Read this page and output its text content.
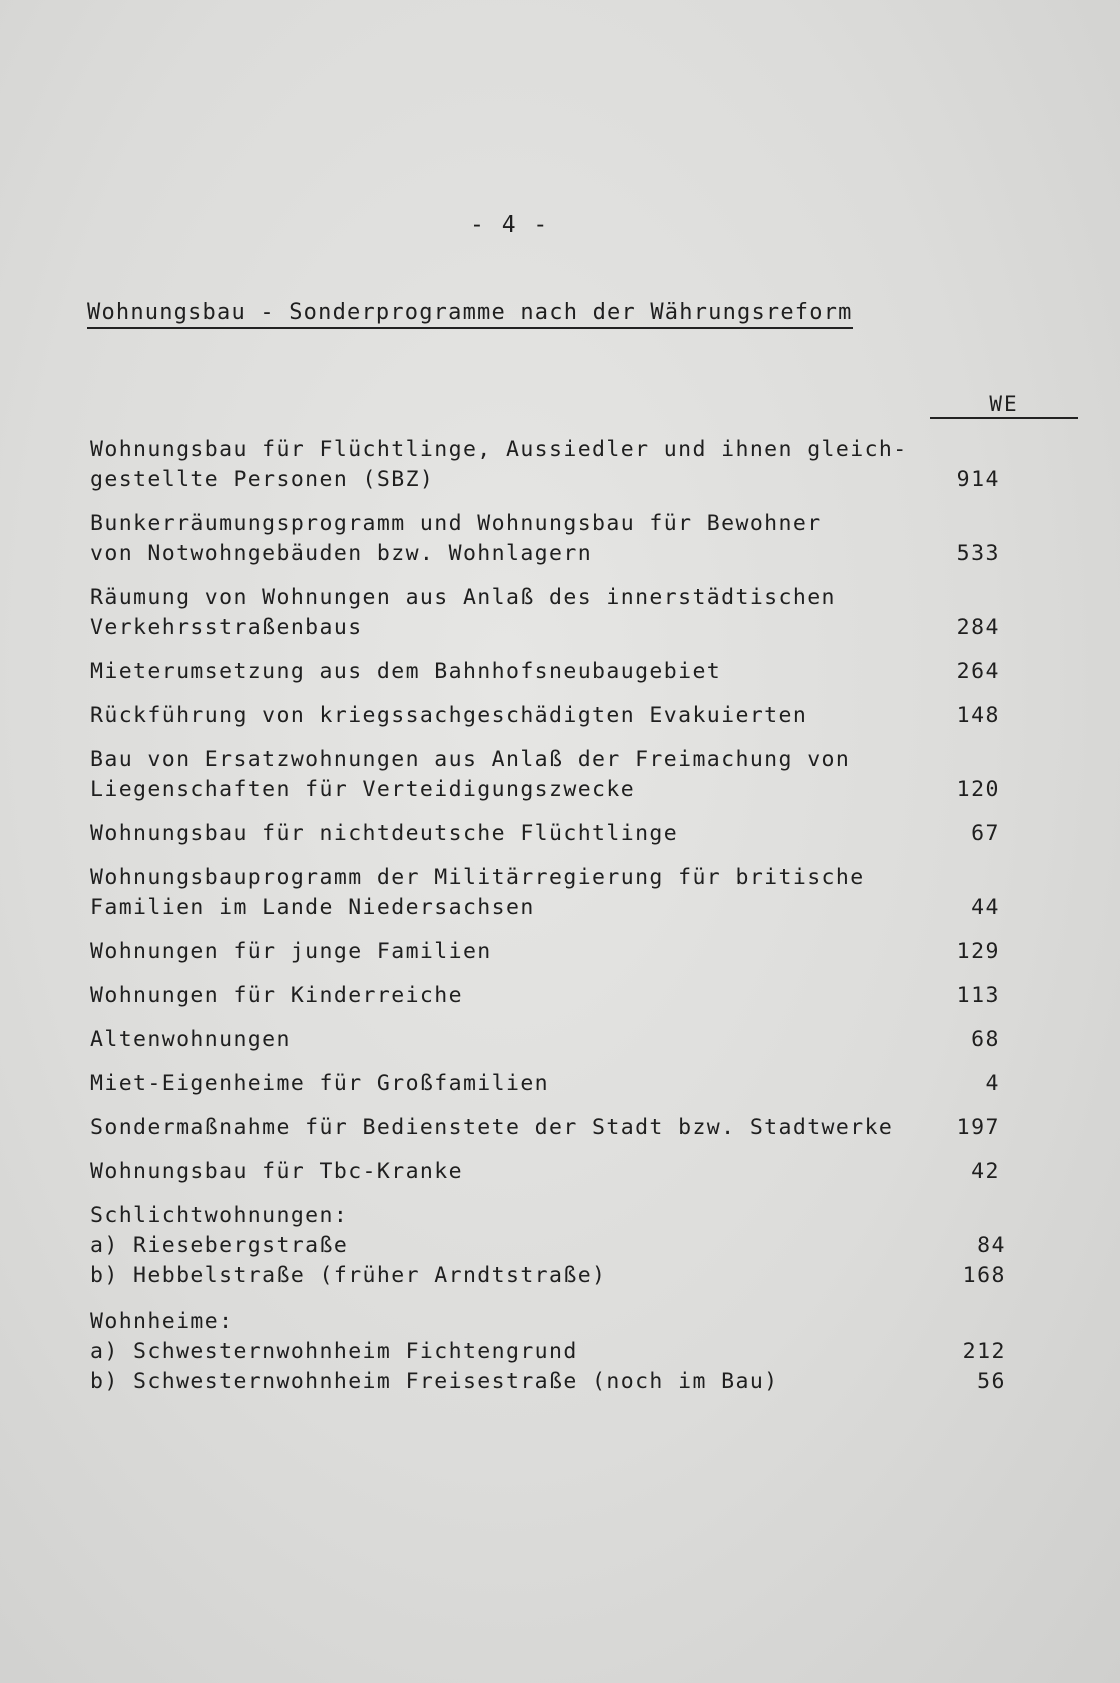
- 4 -
Wohnungsbau - Sonderprogramme nach der Währungsreform
WE
Wohnungsbau für Flüchtlinge, Aussiedler und ihnen gleich-
gestellte Personen (SBZ)	914
Bunkerräumungsprogramm und Wohnungsbau für Bewohner
von Notwohngebäuden bzw. Wohnlagern	533
Räumung von Wohnungen aus Anlaß des innerstädtischen
Verkehrsstraßenbaus	284
Mieterumsetzung aus dem Bahnhofsneubaugebiet	264
Rückführung von kriegssachgeschädigten Evakuierten	148
Bau von Ersatzwohnungen aus Anlaß der Freimachung von
Liegenschaften für Verteidigungszwecke	120
Wohnungsbau für nichtdeutsche Flüchtlinge	67
Wohnungsbauprogramm der Militärregierung für britische
Familien im Lande Niedersachsen	44
Wohnungen für junge Familien	129
Wohnungen für Kinderreiche	113
Altenwohnungen	68
Miet-Eigenheime für Großfamilien	4
Sondermaßnahme für Bedienstete der Stadt bzw. Stadtwerke	197
Wohnungsbau für Tbc-Kranke	42
Schlichtwohnungen:
a) Riesebergstraße	84
b) Hebbelstraße (früher Arndtstraße)	168
Wohnheime:
a) Schwesternwohnheim Fichtengrund	212
b) Schwesternwohnheim Freisestraße (noch im Bau)	56
